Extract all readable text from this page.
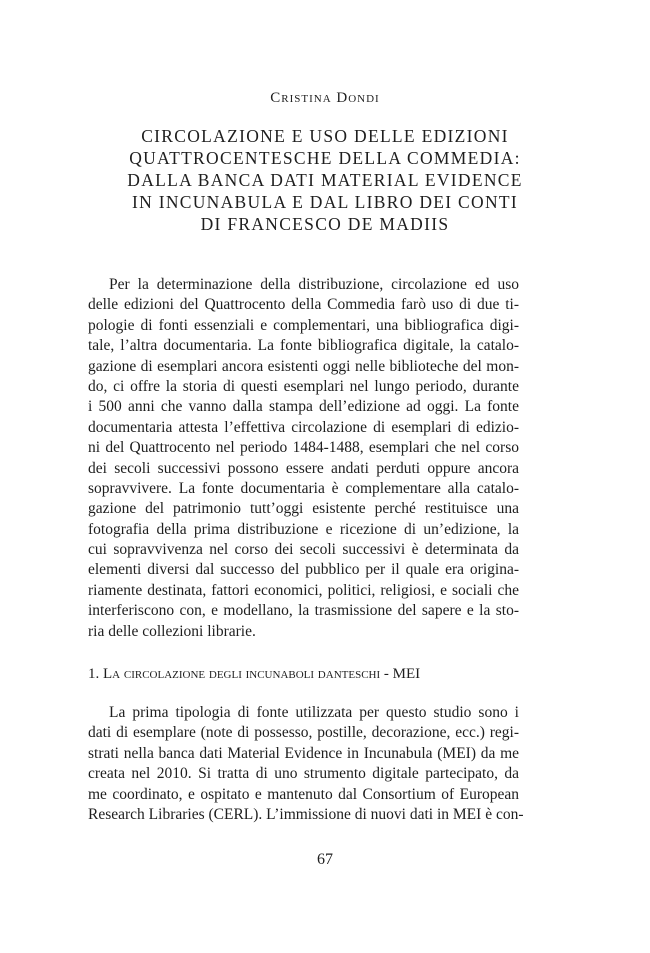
Cristina Dondi

CIRCOLAZIONE E USO DELLE EDIZIONI
QUATTROCENTESCHE DELLA COMMEDIA:
DALLA BANCA DATI MATERIAL EVIDENCE
IN INCUNABULA E DAL LIBRO DEI CONTI
DI FRANCESCO DE MADIIS
Per la determinazione della distribuzione, circolazione ed uso
delle edizioni del Quattrocento della Commedia farò uso di due ti-
pologie di fonti essenziali e complementari, una bibliografica digi-
tale, l’altra documentaria. La fonte bibliografica digitale, la catalo-
gazione di esemplari ancora esistenti oggi nelle biblioteche del mon-
do, ci offre la storia di questi esemplari nel lungo periodo, durante
i 500 anni che vanno dalla stampa dell’edizione ad oggi. La fonte
documentaria attesta l’effettiva circolazione di esemplari di edizio-
ni del Quattrocento nel periodo 1484-1488, esemplari che nel corso
dei secoli successivi possono essere andati perduti oppure ancora
sopravvivere. La fonte documentaria è complementare alla catalo-
gazione del patrimonio tutt’oggi esistente perché restituisce una
fotografia della prima distribuzione e ricezione di un’edizione, la
cui sopravvivenza nel corso dei secoli successivi è determinata da
elementi diversi dal successo del pubblico per il quale era origina-
riamente destinata, fattori economici, politici, religiosi, e sociali che
interferiscono con, e modellano, la trasmissione del sapere e la sto-
ria delle collezioni librarie.
1. La circolazione degli incunaboli danteschi - MEI
La prima tipologia di fonte utilizzata per questo studio sono i
dati di esemplare (note di possesso, postille, decorazione, ecc.) regi-
strati nella banca dati Material Evidence in Incunabula (MEI) da me
creata nel 2010. Si tratta di uno strumento digitale partecipato, da
me coordinato, e ospitato e mantenuto dal Consortium of European
Research Libraries (CERL). L’immissione di nuovi dati in MEI è con-

67
